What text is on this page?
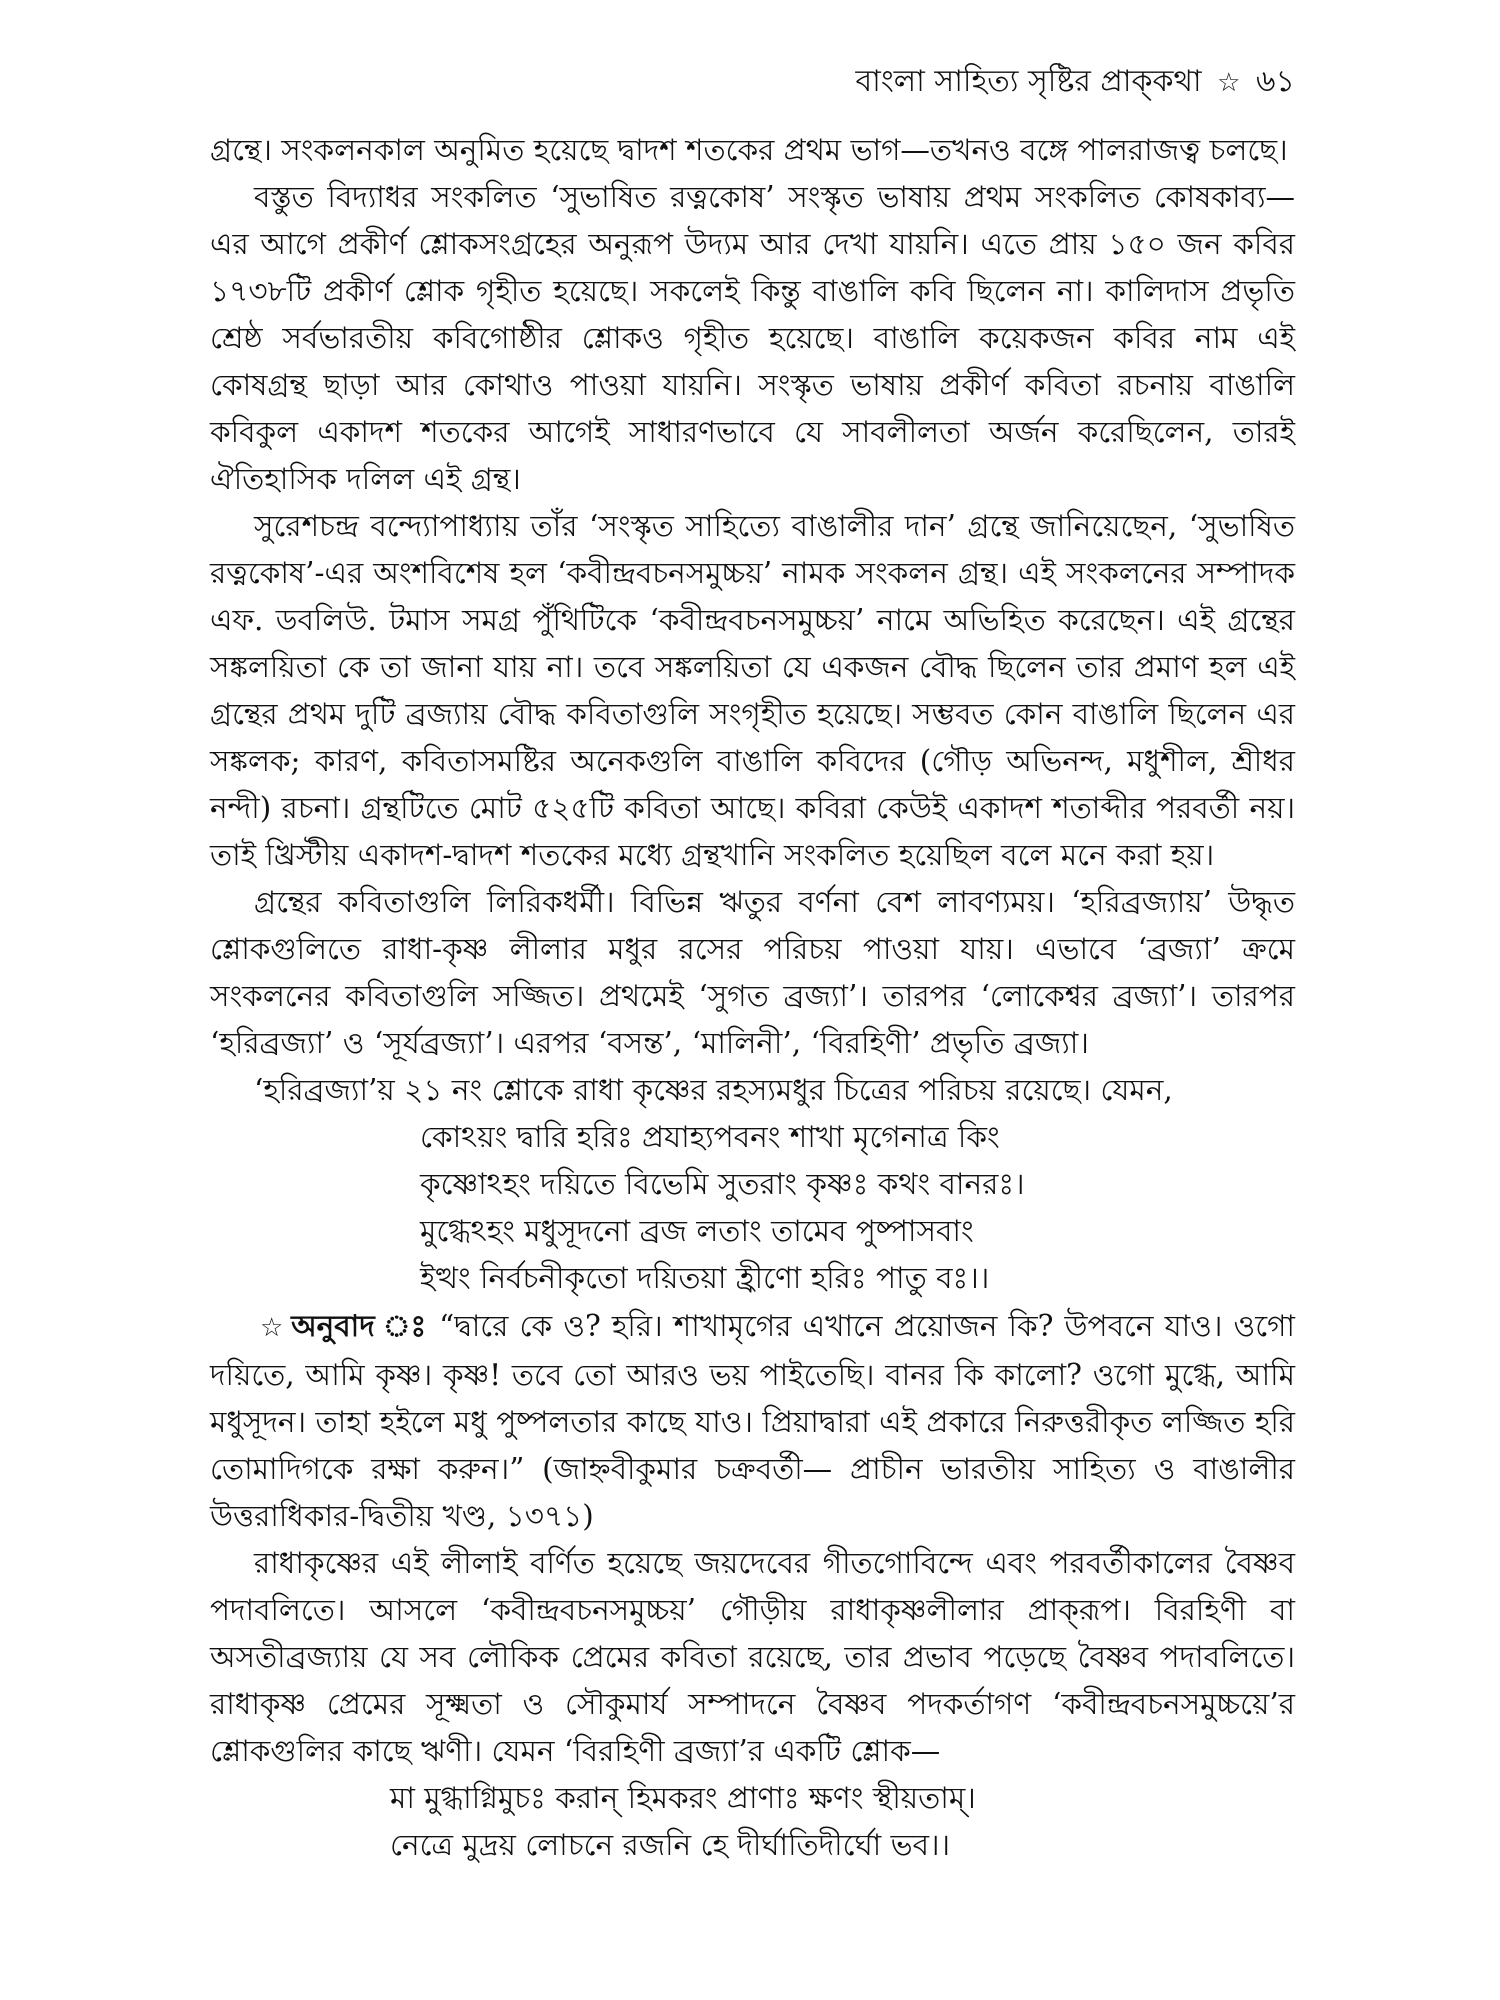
বাংলা সাহিত্য সৃষ্টির প্রাক্‌কথা ☆ ৬১

গ্রন্থে। সংকলনকাল অনুমিত হয়েছে দ্বাদশ শতকের প্রথম ভাগ—তখনও বঙ্গে পালরাজত্ব চলছে।

বস্তুত বিদ্যাধর সংকলিত ‘সুভাষিত রত্নকোষ’ সংস্কৃত ভাষায় প্রথম সংকলিত কোষকাব্য—এর আগে প্রকীর্ণ শ্লোকসংগ্রহের অনুরূপ উদ্যম আর দেখা যায়নি। এতে প্রায় ১৫০ জন কবির ১৭৩৮টি প্রকীর্ণ শ্লোক গৃহীত হয়েছে। সকলেই কিন্তু বাঙালি কবি ছিলেন না। কালিদাস প্রভৃতি শ্রেষ্ঠ সর্বভারতীয় কবিগোষ্ঠীর শ্লোকও গৃহীত হয়েছে। বাঙালি কয়েকজন কবির নাম এই কোষগ্রন্থ ছাড়া আর কোথাও পাওয়া যায়নি। সংস্কৃত ভাষায় প্রকীর্ণ কবিতা রচনায় বাঙালি কবিকুল একাদশ শতকের আগেই সাধারণভাবে যে সাবলীলতা অর্জন করেছিলেন, তারই ঐতিহাসিক দলিল এই গ্রন্থ।

সুরেশচন্দ্র বন্দ্যোপাধ্যায় তাঁর ‘সংস্কৃত সাহিত্যে বাঙালীর দান’ গ্রন্থে জানিয়েছেন, ‘সুভাষিত রত্নকোষ’-এর অংশবিশেষ হল ‘কবীন্দ্রবচনসমুচ্চয়’ নামক সংকলন গ্রন্থ। এই সংকলনের সম্পাদক এফ. ডবলিউ. টমাস সমগ্র পুঁথিটিকে ‘কবীন্দ্রবচনসমুচ্চয়’ নামে অভিহিত করেছেন। এই গ্রন্থের সঙ্কলয়িতা কে তা জানা যায় না। তবে সঙ্কলয়িতা যে একজন বৌদ্ধ ছিলেন তার প্রমাণ হল এই গ্রন্থের প্রথম দুটি ব্রজ্যায় বৌদ্ধ কবিতাগুলি সংগৃহীত হয়েছে। সম্ভবত কোন বাঙালি ছিলেন এর সঙ্কলক; কারণ, কবিতাসমষ্টির অনেকগুলি বাঙালি কবিদের (গৌড় অভিনন্দ, মধুশীল, শ্রীধর নন্দী) রচনা। গ্রন্থটিতে মোট ৫২৫টি কবিতা আছে। কবিরা কেউই একাদশ শতাব্দীর পরবর্তী নয়। তাই খ্রিস্টীয় একাদশ-দ্বাদশ শতকের মধ্যে গ্রন্থখানি সংকলিত হয়েছিল বলে মনে করা হয়।

গ্রন্থের কবিতাগুলি লিরিকধর্মী। বিভিন্ন ঋতুর বর্ণনা বেশ লাবণ্যময়। ‘হরিব্রজ্যায়’ উদ্ধৃত শ্লোকগুলিতে রাধা-কৃষ্ণ লীলার মধুর রসের পরিচয় পাওয়া যায়। এভাবে ‘ব্রজ্যা’ ক্রমে সংকলনের কবিতাগুলি সজ্জিত। প্রথমেই ‘সুগত ব্রজ্যা’। তারপর ‘লোকেশ্বর ব্রজ্যা’। তারপর ‘হরিব্রজ্যা’ ও ‘সূর্যব্রজ্যা’। এরপর ‘বসন্ত’, ‘মালিনী’, ‘বিরহিণী’ প্রভৃতি ব্রজ্যা।

‘হরিব্রজ্যা’য় ২১ নং শ্লোকে রাধা কৃষ্ণের রহস্যমধুর চিত্রের পরিচয় রয়েছে। যেমন,

কোঽয়ং দ্বারি হরিঃ প্রযাহ্যপবনং শাখা মৃগেনাত্র কিং
কৃষ্ণোঽহং দয়িতে বিভেমি সুতরাং কৃষ্ণঃ কথং বানরঃ।
মুগ্ধেঽহং মধুসূদনো ব্রজ লতাং তামেব পুষ্পাসবাং
ইত্থং নির্বচনীকৃতো দয়িতয়া হ্রীণো হরিঃ পাতু বঃ।।

☆ অনুবাদ ঃ “দ্বারে কে ও? হরি। শাখামৃগের এখানে প্রয়োজন কি? উপবনে যাও। ওগো দয়িতে, আমি কৃষ্ণ। কৃষ্ণ! তবে তো আরও ভয় পাইতেছি। বানর কি কালো? ওগো মুগ্ধে, আমি মধুসূদন। তাহা হইলে মধু পুষ্পলতার কাছে যাও। প্রিয়াদ্বারা এই প্রকারে নিরুত্তরীকৃত লজ্জিত হরি তোমাদিগকে রক্ষা করুন।” (জাহ্নবীকুমার চক্রবর্তী— প্রাচীন ভারতীয় সাহিত্য ও বাঙালীর উত্তরাধিকার-দ্বিতীয় খণ্ড, ১৩৭১)

রাধাকৃষ্ণের এই লীলাই বর্ণিত হয়েছে জয়দেবের গীতগোবিন্দে এবং পরবর্তীকালের বৈষ্ণব পদাবলিতে। আসলে ‘কবীন্দ্রবচনসমুচ্চয়’ গৌড়ীয় রাধাকৃষ্ণলীলার প্রাক্‌রূপ। বিরহিণী বা অসতীব্রজ্যায় যে সব লৌকিক প্রেমের কবিতা রয়েছে, তার প্রভাব পড়েছে বৈষ্ণব পদাবলিতে। রাধাকৃষ্ণ প্রেমের সূক্ষ্মতা ও সৌকুমার্য সম্পাদনে বৈষ্ণব পদকর্তাগণ ‘কবীন্দ্রবচনসমুচ্চয়ে’র শ্লোকগুলির কাছে ঋণী। যেমন ‘বিরহিণী ব্রজ্যা’র একটি শ্লোক—

মা মুগ্ধাগ্নিমুচঃ করান্ হিমকরং প্রাণাঃ ক্ষণং স্থীয়তাম্।
নেত্রে মুদ্রয় লোচনে রজনি হে দীর্ঘাতিদীর্ঘো ভব।।
